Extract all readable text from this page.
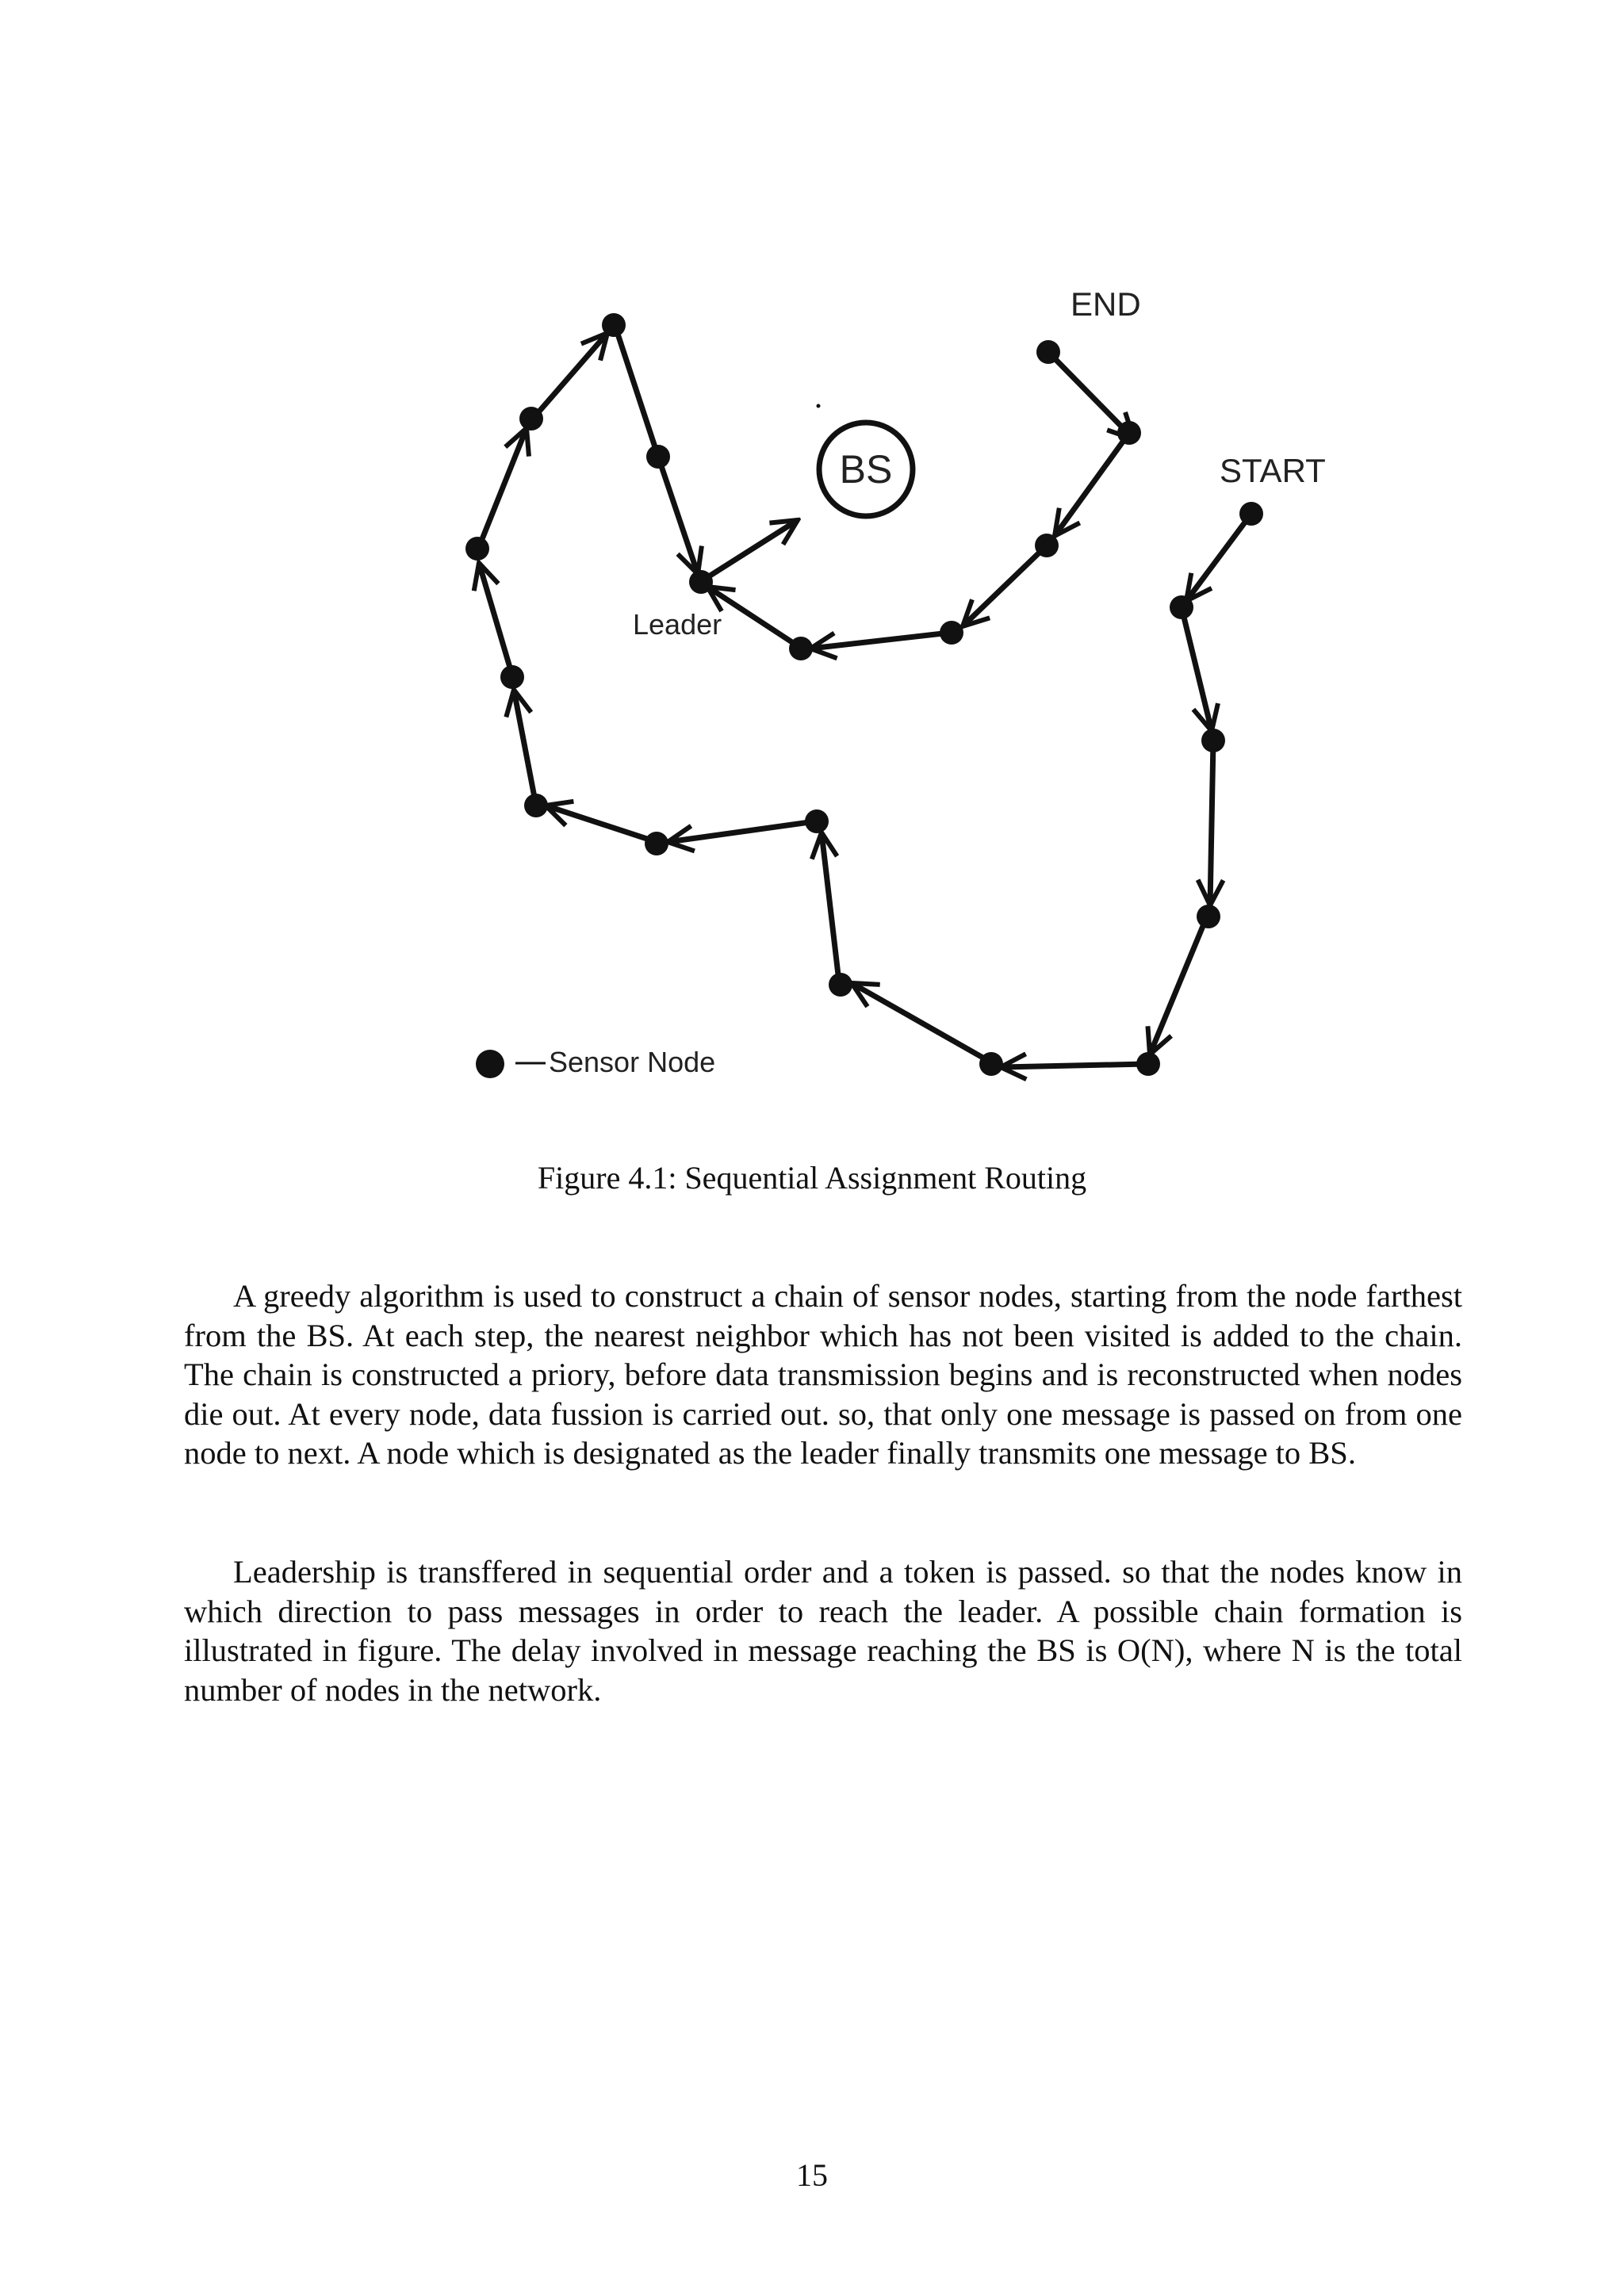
BS
END
START
Leader
Sensor Node
Figure 4.1: Sequential Assignment Routing

A greedy algorithm is used to construct a chain of sensor nodes, starting from the node farthest from the BS. At each step, the nearest neighbor which has not been visited is added to the chain. The chain is constructed a priory, before data transmission begins and is reconstructed when nodes die out. At every node, data fussion is carried out. so, that only one message is passed on from one node to next. A node which is designated as the leader finally transmits one message to BS.

Leadership is transffered in sequential order and a token is passed. so that the nodes know in which direction to pass messages in order to reach the leader. A possible chain formation is illustrated in figure. The delay involved in message reaching the BS is O(N), where N is the total number of nodes in the network.

15
